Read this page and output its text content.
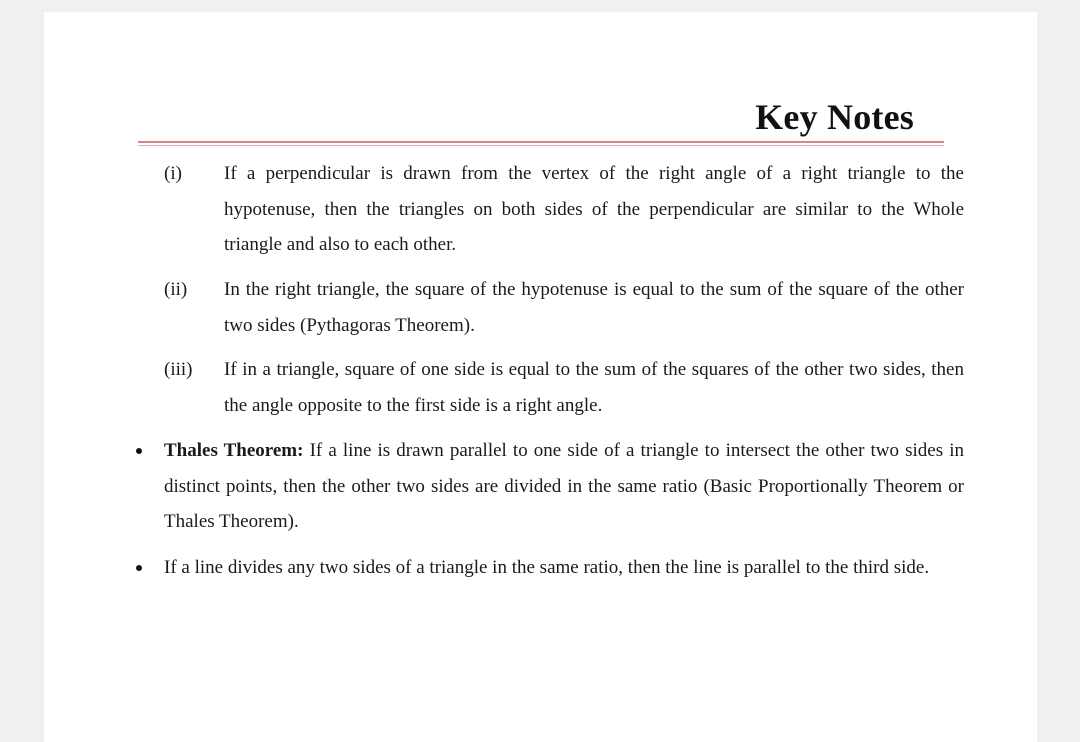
Key Notes
(i) If a perpendicular is drawn from the vertex of the right angle of a right triangle to the hypotenuse, then the triangles on both sides of the perpendicular are similar to the Whole triangle and also to each other.
(ii) In the right triangle, the square of the hypotenuse is equal to the sum of the square of the other two sides (Pythagoras Theorem).
(iii) If in a triangle, square of one side is equal to the sum of the squares of the other two sides, then the angle opposite to the first side is a right angle.
Thales Theorem: If a line is drawn parallel to one side of a triangle to intersect the other two sides in distinct points, then the other two sides are divided in the same ratio (Basic Proportionally Theorem or Thales Theorem).
If a line divides any two sides of a triangle in the same ratio, then the line is parallel to the third side.
